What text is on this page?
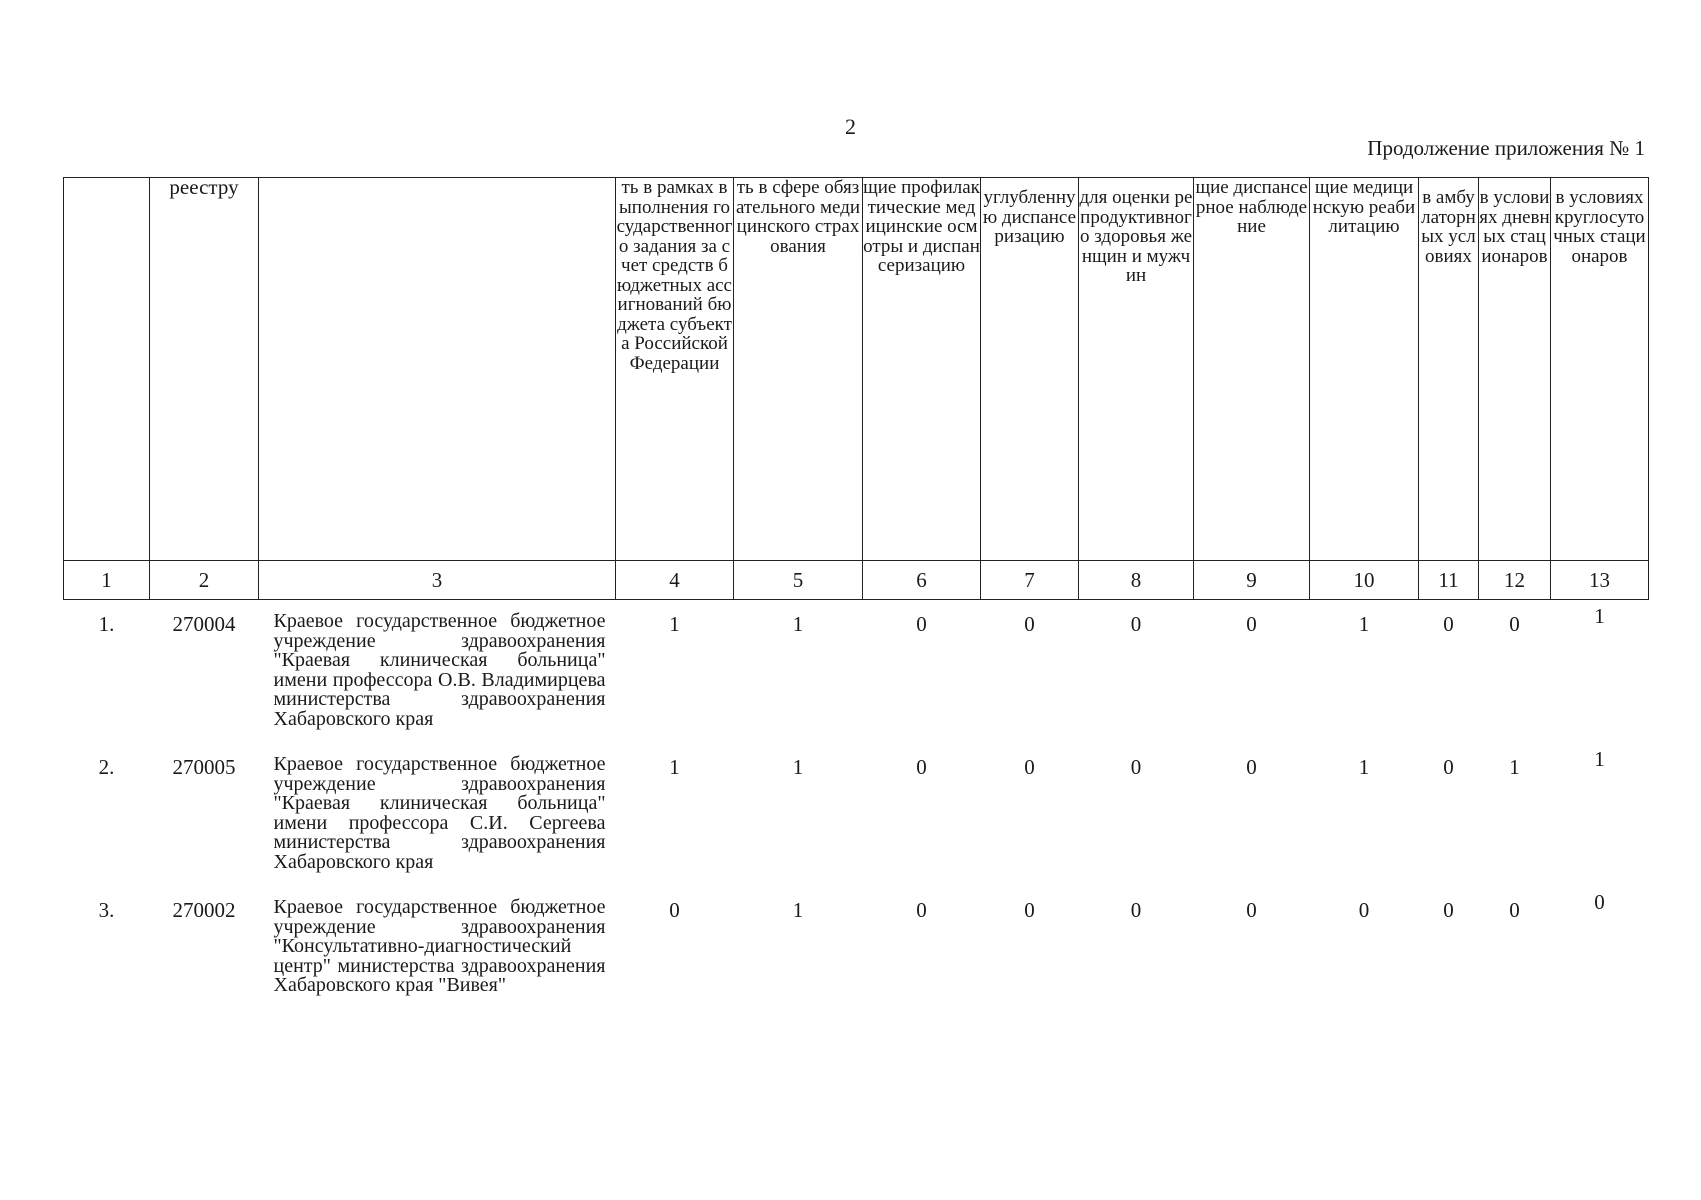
2
Продолжение приложения № 1
	реестру		ть в рамках выполнения государственного задания за счет средств бюджетных ассигнований бюджета субъекта Российской Федерации	ть в сфере обязательного медицинского страхования	щие профилактические медицинские осмотры и диспансеризацию	углубленную диспансеризацию	для оценки репродуктивного здоровья женщин и мужчин	щие диспансерное наблюдение	щие медицинскую реабилитацию	в амбулаторных условиях	в условиях дневных стационаров	в условиях круглосуточных стационаров
1	2	3	4	5	6	7	8	9	10	11	12	13
1.	270004	Краевое государственное бюджетное учреждение здравоохранения "Краевая клиническая больница" имени профессора О.В. Владимирцева министерства здравоохранения Хабаровского края	1	1	0	0	0	0	1	0	0	1
2.	270005	Краевое государственное бюджетное учреждение здравоохранения "Краевая клиническая больница" имени профессора С.И. Сергеева министерства здравоохранения Хабаровского края	1	1	0	0	0	0	1	0	1	1
3.	270002	Краевое государственное бюджетное учреждение здравоохранения "Консультативно-диагностический центр" министерства здравоохранения Хабаровского края "Вивея"	0	1	0	0	0	0	0	0	0	0
